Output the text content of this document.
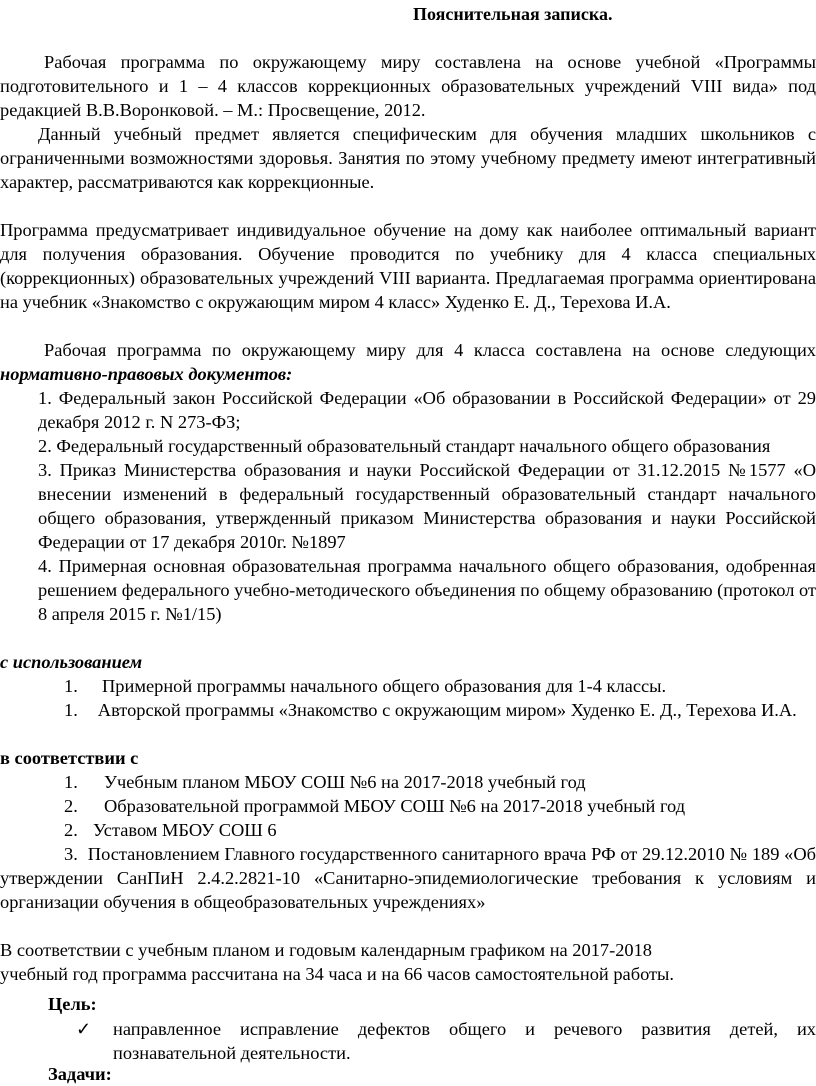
Пояснительная записка.

Рабочая программа по окружающему миру составлена на основе учебной «Программы подготовительного и 1 – 4 классов коррекционных образовательных учреждений VIII вида» под редакцией В.В.Воронковой. – М.: Просвещение, 2012.

Данный учебный предмет является специфическим для обучения младших школьников с ограниченными возможностями здоровья. Занятия по этому учебному предмету имеют интегративный характер, рассматриваются как коррекционные.

Программа предусматривает индивидуальное обучение на дому как наиболее оптимальный вариант для получения образования. Обучение проводится по учебнику для 4 класса специальных (коррекционных) образовательных учреждений VIII варианта. Предлагаемая программа ориентирована на учебник «Знакомство с окружающим миром 4 класс» Худенко Е. Д., Терехова И.А.

Рабочая программа по окружающему миру для 4 класса составлена на основе следующих нормативно-правовых документов:

1. Федеральный закон Российской Федерации «Об образовании в Российской Федерации» от 29 декабря 2012 г. N 273-ФЗ;

2. Федеральный государственный образовательный стандарт начального общего образования

3. Приказ Министерства образования и науки Российской Федерации от 31.12.2015 №1577 «О внесении изменений в федеральный государственный образовательный стандарт начального общего образования, утвержденный приказом Министерства образования и науки Российской Федерации от 17 декабря 2010г. №1897

4. Примерная основная образовательная программа начального общего образования, одобренная решением федерального учебно-методического объединения по общему образованию (протокол от 8 апреля 2015 г. №1/15)

с использованием

1. Примерной программы начального общего образования для 1-4 классы.

1. Авторской программы «Знакомство с окружающим миром» Худенко Е. Д., Терехова И.А.

в соответствии с

1. Учебным планом МБОУ СОШ №6 на 2017-2018 учебный год
2. Образовательной программой МБОУ СОШ №6 на 2017-2018 учебный год
2. Уставом МБОУ СОШ 6

3. Постановлением Главного государственного санитарного врача РФ от 29.12.2010 № 189 «Об утверждении СанПиН 2.4.2.2821-10 «Санитарно-эпидемиологические требования к условиям и организации обучения в общеобразовательных учреждениях»

В соответствии с учебным планом и годовым календарным графиком на 2017-2018
учебный год программа рассчитана на 34 часа и на 66 часов самостоятельной работы.
Цель:
✓ направленное исправление дефектов общего и речевого развития детей, их познавательной деятельности.

Задачи:
